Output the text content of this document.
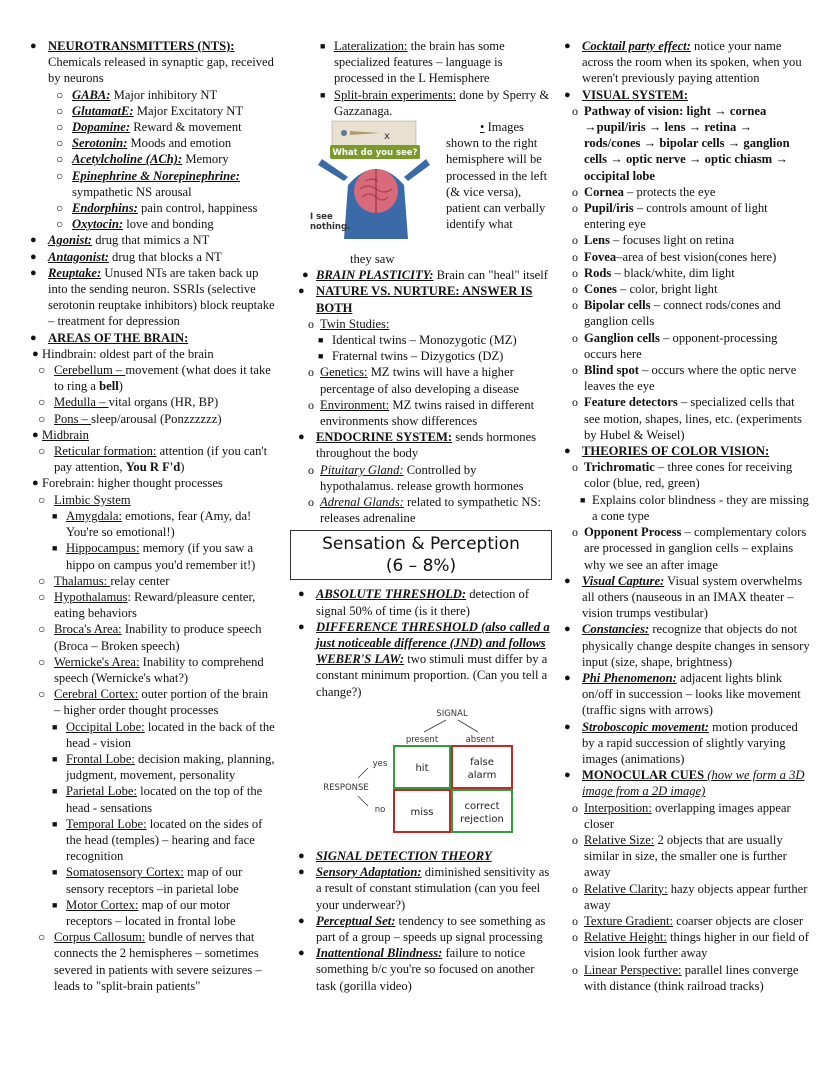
● NEUROTRANSMITTERS (NTS):
Chemicals released in synaptic gap, received by neurons

○ GABA: Major inhibitory NT

○ GlutamatE: Major Excitatory NT

○ Dopamine: Reward & movement

○ Serotonin: Moods and emotion

○ Acetylcholine (ACh): Memory

○ Epinephrine & Norepinephrine:
sympathetic NS arousal

○ Endorphins: pain control, happiness

○ Oxytocin: love and bonding

● Agonist: drug that mimics a NT

● Antagonist: drug that blocks a NT

● Reuptake: Unused NTs are taken back up into the sending neuron. SSRIs (selective serotonin reuptake inhibitors) block reuptake – treatment for depression

● AREAS OF THE BRAIN:

● Hindbrain: oldest part of the brain

○ Cerebellum – movement (what does it take to ring a bell)

○ Medulla – vital organs (HR, BP)

○ Pons – sleep/arousal (Ponzzzzzz)

● Midbrain

○ Reticular formation: attention (if you can't pay attention, You R F'd)

● Forebrain: higher thought processes

○ Limbic System

■ Amygdala: emotions, fear (Amy, da! You're so emotional!)

■ Hippocampus: memory (if you saw a hippo on campus you'd remember it!)

○ Thalamus: relay center

○ Hypothalamus: Reward/pleasure center, eating behaviors

○ Broca's Area: Inability to produce speech (Broca – Broken speech)

○ Wernicke's Area: Inability to comprehend speech (Wernicke's what?)

○ Cerebral Cortex: outer portion of the brain – higher order thought processes

■ Occipital Lobe: located in the back of the head - vision

■ Frontal Lobe: decision making, planning, judgment, movement, personality

■ Parietal Lobe: located on the top of the head - sensations

■ Temporal Lobe: located on the sides of the head (temples) – hearing and face recognition

■ Somatosensory Cortex: map of our sensory receptors –in parietal lobe

■ Motor Cortex: map of our motor receptors – located in frontal lobe

○ Corpus Callosum: bundle of nerves that connects the 2 hemispheres – sometimes severed in patients with severe seizures – leads to "split-brain patients"

■ Lateralization: the brain has some specialized features – language is processed in the L Hemisphere

■ Split-brain experiments: done by Sperry & Gazzanaga.

x
What do you see?
I see
nothing.
• Images
shown to the right hemisphere will be processed in the left (& vice versa), patient can verbally identify what

they saw

● BRAIN PLASTICITY: Brain can "heal" itself

● NATURE VS. NURTURE: ANSWER IS BOTH

o Twin Studies:

■ Identical twins – Monozygotic (MZ)

■ Fraternal twins – Dizygotics (DZ)

o Genetics: MZ twins will have a higher percentage of also developing a disease

o Environment: MZ twins raised in different environments show differences

● ENDOCRINE SYSTEM: sends hormones throughout the body

o Pituitary Gland: Controlled by hypothalamus. release growth hormones

o Adrenal Glands: related to sympathetic NS: releases adrenaline

Sensation & Perception
(6 – 8%)

● ABSOLUTE THRESHOLD: detection of signal 50% of time (is it there)

● DIFFERENCE THRESHOLD (also called a just noticeable difference (JND) and follows WEBER'S LAW: two stimuli must differ by a constant minimum proportion. (Can you tell a change?)

SIGNAL
present	absent
RESPONSE
yes
no
hit
false
alarm
miss
correct
rejection

● SIGNAL DETECTION THEORY

● Sensory Adaptation: diminished sensitivity as a result of constant stimulation (can you feel your underwear?)

● Perceptual Set: tendency to see something as part of a group – speeds up signal processing

● Inattentional Blindness: failure to notice something b/c you're so focused on another task (gorilla video)

● Cocktail party effect: notice your name across the room when its spoken, when you weren't previously paying attention

● VISUAL SYSTEM:

o Pathway of vision: light → cornea →pupil/iris → lens → retina → rods/cones → bipolar cells → ganglion cells → optic nerve → optic chiasm → occipital lobe

o Cornea – protects the eye

o Pupil/iris – controls amount of light entering eye

o Lens – focuses light on retina

o Fovea–area of best vision(cones here)

o Rods – black/white, dim light

o Cones – color, bright light

o Bipolar cells – connect rods/cones and ganglion cells

o Ganglion cells – opponent-processing occurs here

o Blind spot – occurs where the optic nerve leaves the eye

o Feature detectors – specialized cells that see motion, shapes, lines, etc. (experiments by Hubel & Weisel)

● THEORIES OF COLOR VISION:

o Trichromatic – three cones for receiving color (blue, red, green)

■ Explains color blindness - they are missing a cone type

o Opponent Process – complementary colors are processed in ganglion cells – explains why we see an after image

● Visual Capture: Visual system overwhelms all others (nauseous in an IMAX theater – vision trumps vestibular)

● Constancies: recognize that objects do not physically change despite changes in sensory input (size, shape, brightness)

● Phi Phenomenon: adjacent lights blink on/off in succession – looks like movement (traffic signs with arrows)

● Stroboscopic movement: motion produced by a rapid succession of slightly varying images (animations)

● MONOCULAR CUES (how we form a 3D image from a 2D image)

o Interposition: overlapping images appear closer

o Relative Size: 2 objects that are usually similar in size, the smaller one is further away

o Relative Clarity: hazy objects appear further away

o Texture Gradient: coarser objects are closer

o Relative Height: things higher in our field of vision look further away

o Linear Perspective: parallel lines converge with distance (think railroad tracks)
